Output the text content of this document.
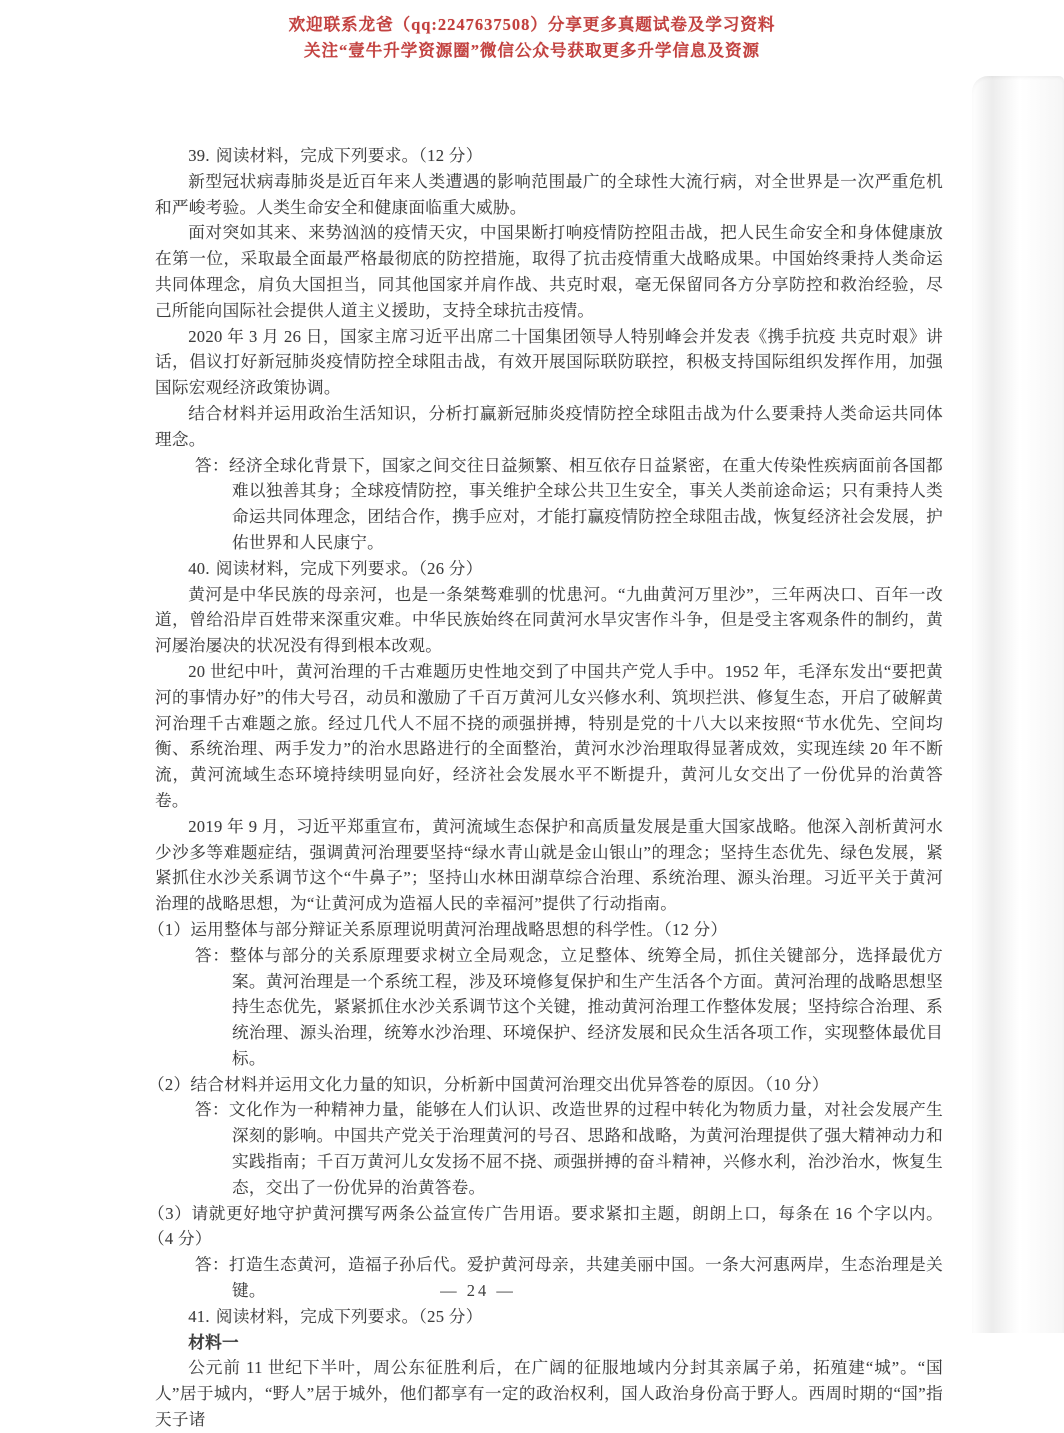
欢迎联系龙爸（qq:2247637508）分享更多真题试卷及学习资料
关注“壹牛升学资源圈”微信公众号获取更多升学信息及资源

39. 阅读材料，完成下列要求。（12 分）

新型冠状病毒肺炎是近百年来人类遭遇的影响范围最广的全球性大流行病，对全世界是一次严重危机和严峻考验。人类生命安全和健康面临重大威胁。

面对突如其来、来势汹汹的疫情天灾，中国果断打响疫情防控阻击战，把人民生命安全和身体健康放在第一位，采取最全面最严格最彻底的防控措施，取得了抗击疫情重大战略成果。中国始终秉持人类命运共同体理念，肩负大国担当，同其他国家并肩作战、共克时艰，毫无保留同各方分享防控和救治经验，尽己所能向国际社会提供人道主义援助，支持全球抗击疫情。

2020 年 3 月 26 日，国家主席习近平出席二十国集团领导人特别峰会并发表《携手抗疫 共克时艰》讲话，倡议打好新冠肺炎疫情防控全球阻击战，有效开展国际联防联控，积极支持国际组织发挥作用，加强国际宏观经济政策协调。

结合材料并运用政治生活知识，分析打赢新冠肺炎疫情防控全球阻击战为什么要秉持人类命运共同体理念。

答：经济全球化背景下，国家之间交往日益频繁、相互依存日益紧密，在重大传染性疾病面前各国都难以独善其身；全球疫情防控，事关维护全球公共卫生安全，事关人类前途命运；只有秉持人类命运共同体理念，团结合作，携手应对，才能打赢疫情防控全球阻击战，恢复经济社会发展，护佑世界和人民康宁。

40. 阅读材料，完成下列要求。（26 分）

黄河是中华民族的母亲河，也是一条桀骜难驯的忧患河。“九曲黄河万里沙”，三年两决口、百年一改道，曾给沿岸百姓带来深重灾难。中华民族始终在同黄河水旱灾害作斗争，但是受主客观条件的制约，黄河屡治屡决的状况没有得到根本改观。

20 世纪中叶，黄河治理的千古难题历史性地交到了中国共产党人手中。1952 年，毛泽东发出“要把黄河的事情办好”的伟大号召，动员和激励了千百万黄河儿女兴修水利、筑坝拦洪、修复生态，开启了破解黄河治理千古难题之旅。经过几代人不屈不挠的顽强拼搏，特别是党的十八大以来按照“节水优先、空间均衡、系统治理、两手发力”的治水思路进行的全面整治，黄河水沙治理取得显著成效，实现连续 20 年不断流，黄河流域生态环境持续明显向好，经济社会发展水平不断提升，黄河儿女交出了一份优异的治黄答卷。

2019 年 9 月，习近平郑重宣布，黄河流域生态保护和高质量发展是重大国家战略。他深入剖析黄河水少沙多等难题症结，强调黄河治理要坚持“绿水青山就是金山银山”的理念；坚持生态优先、绿色发展，紧紧抓住水沙关系调节这个“牛鼻子”；坚持山水林田湖草综合治理、系统治理、源头治理。习近平关于黄河治理的战略思想，为“让黄河成为造福人民的幸福河”提供了行动指南。

（1）运用整体与部分辩证关系原理说明黄河治理战略思想的科学性。（12 分）
答：整体与部分的关系原理要求树立全局观念，立足整体、统筹全局，抓住关键部分，选择最优方案。黄河治理是一个系统工程，涉及环境修复保护和生产生活各个方面。黄河治理的战略思想坚持生态优先，紧紧抓住水沙关系调节这个关键，推动黄河治理工作整体发展；坚持综合治理、系统治理、源头治理，统筹水沙治理、环境保护、经济发展和民众生活各项工作，实现整体最优目标。
（2）结合材料并运用文化力量的知识，分析新中国黄河治理交出优异答卷的原因。（10 分）
答：文化作为一种精神力量，能够在人们认识、改造世界的过程中转化为物质力量，对社会发展产生深刻的影响。中国共产党关于治理黄河的号召、思路和战略，为黄河治理提供了强大精神动力和实践指南；千百万黄河儿女发扬不屈不挠、顽强拼搏的奋斗精神，兴修水利，治沙治水，恢复生态，交出了一份优异的治黄答卷。
（3）请就更好地守护黄河撰写两条公益宣传广告用语。要求紧扣主题，朗朗上口，每条在 16 个字以内。（4 分）
答：打造生态黄河，造福子孙后代。爱护黄河母亲，共建美丽中国。一条大河惠两岸，生态治理是关键。

41. 阅读材料，完成下列要求。（25 分）

材料一

公元前 11 世纪下半叶，周公东征胜利后，在广阔的征服地域内分封其亲属子弟，拓殖建“城”。“国人”居于城内，“野人”居于城外，他们都享有一定的政治权利，国人政治身份高于野人。西周时期的“国”指天子诸

— 24 —
